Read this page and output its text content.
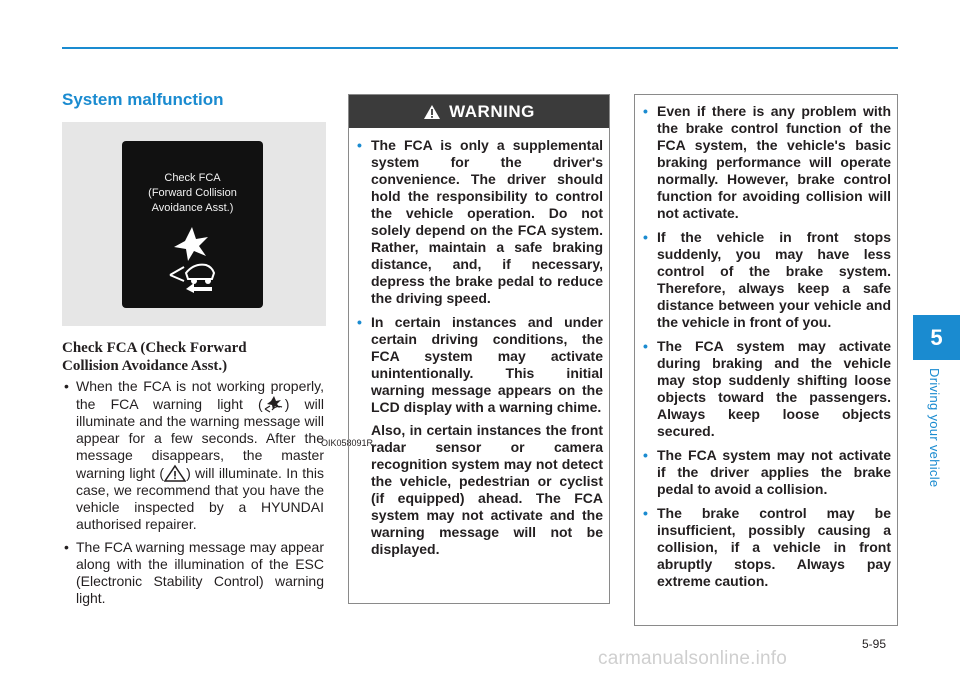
System malfunction
Check FCA
(Forward Collision
Avoidance Asst.)
OIK058091R
Check FCA (Check Forward
Collision Avoidance Asst.)
• When the FCA is not working properly, the FCA warning light ( ) will illuminate and the warning message will appear for a few seconds. After the message disappears, the master warning light ( ) will illuminate. In this case, we recommend that you have the vehicle inspected by a HYUNDAI authorised repairer.
• The FCA warning message may appear along with the illumination of the ESC (Electronic Stability Control) warning light.
WARNING
• The FCA is only a supplemental system for the driver's convenience. The driver should hold the responsibility to control the vehicle operation. Do not solely depend on the FCA system. Rather, maintain a safe braking distance, and, if necessary, depress the brake pedal to reduce the driving speed.

• In certain instances and under certain driving conditions, the FCA system may activate unintentionally. This initial warning message appears on the LCD display with a warning chime.

Also, in certain instances the front radar sensor or camera recognition system may not detect the vehicle, pedestrian or cyclist (if equipped) ahead. The FCA system may not activate and the warning message will not be displayed.

• Even if there is any problem with the brake control function of the FCA system, the vehicle's basic braking performance will operate normally. However, brake control function for avoiding collision will not activate.

• If the vehicle in front stops suddenly, you may have less control of the brake system. Therefore, always keep a safe distance between your vehicle and the vehicle in front of you.

• The FCA system may activate during braking and the vehicle may stop suddenly shifting loose objects toward the passengers. Always keep loose objects secured.

• The FCA system may not activate if the driver applies the brake pedal to avoid a collision.

• The brake control may be insufficient, possibly causing a collision, if a vehicle in front abruptly stops. Always pay extreme caution.

5
Driving your vehicle
5-95
carmanualsonline.info
